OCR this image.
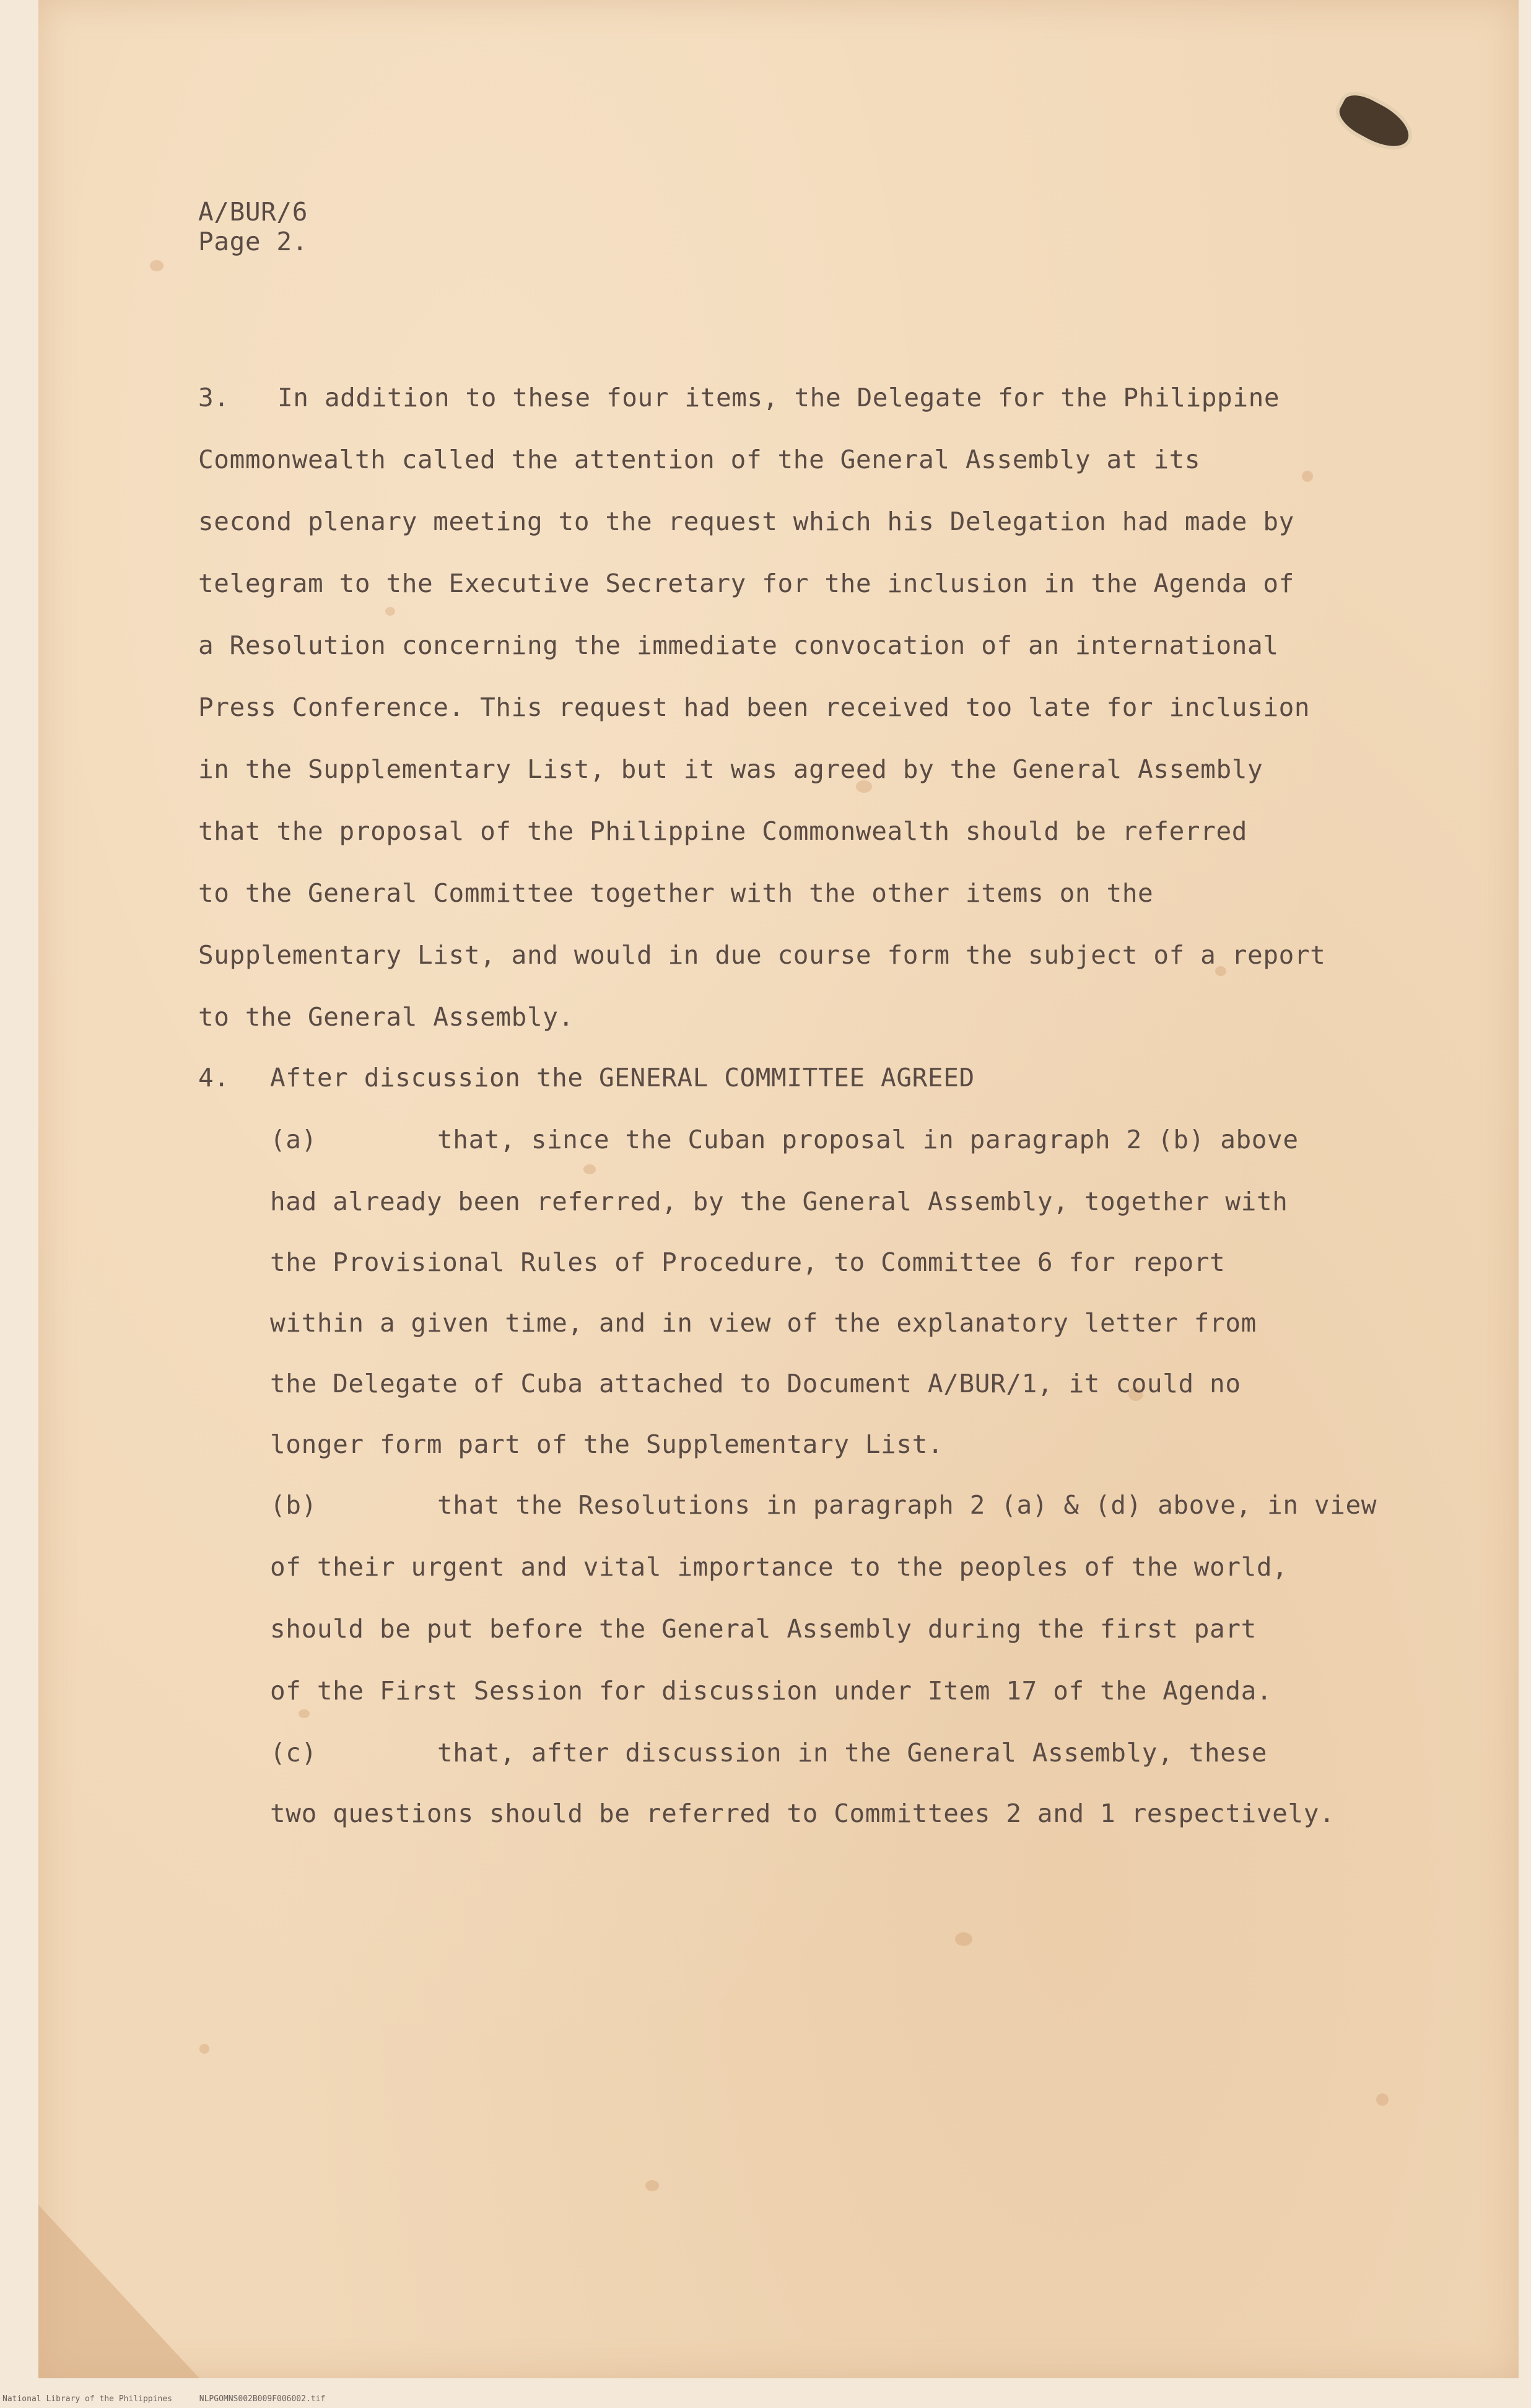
A/BUR/6
Page 2.
3. In addition to these four items, the Delegate for the Philippine
Commonwealth called the attention of the General Assembly at its
second plenary meeting to the request which his Delegation had made by
telegram to the Executive Secretary for the inclusion in the Agenda of
a Resolution concerning the immediate convocation of an international
Press Conference. This request had been received too late for inclusion
in the Supplementary List, but it was agreed by the General Assembly
that the proposal of the Philippine Commonwealth should be referred
to the General Committee together with the other items on the
Supplementary List, and would in due course form the subject of a report
to the General Assembly.
4. After discussion the GENERAL COMMITTEE AGREED
(a)	that, since the Cuban proposal in paragraph 2 (b) above
had already been referred, by the General Assembly, together with
the Provisional Rules of Procedure, to Committee 6 for report
within a given time, and in view of the explanatory letter from
the Delegate of Cuba attached to Document A/BUR/1, it could no
longer form part of the Supplementary List.
(b)	that the Resolutions in paragraph 2 (a) & (d) above, in view
of their urgent and vital importance to the peoples of the world,
should be put before the General Assembly during the first part
of the First Session for discussion under Item 17 of the Agenda.
(c)	that, after discussion in the General Assembly, these
two questions should be referred to Committees 2 and 1 respectively.
National Library of the Philippines	NLPGOMNS002B009F006002.tif
